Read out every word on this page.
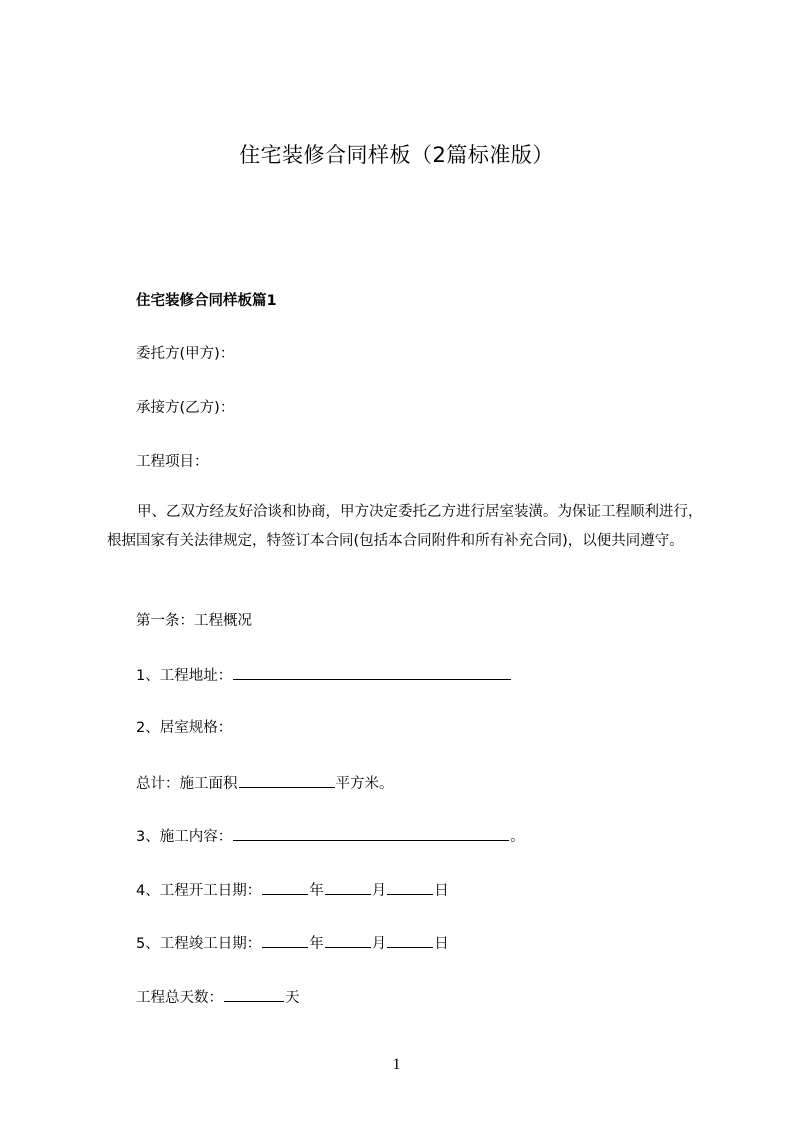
住宅装修合同样板（2篇标准版）
住宅装修合同样板篇1
委托方(甲方)：
承接方(乙方)：
工程项目：
甲、乙双方经友好洽谈和协商，甲方决定委托乙方进行居室装潢。为保证工程顺利进行，根据国家有关法律规定，特签订本合同(包括本合同附件和所有补充合同)，以便共同遵守。
第一条：工程概况
1、工程地址：
2、居室规格：
总计：施工面积	平方米。
3、施工内容：	。
4、工程开工日期：	年	月	日
5、工程竣工日期：	年	月	日
工程总天数：	天
1
